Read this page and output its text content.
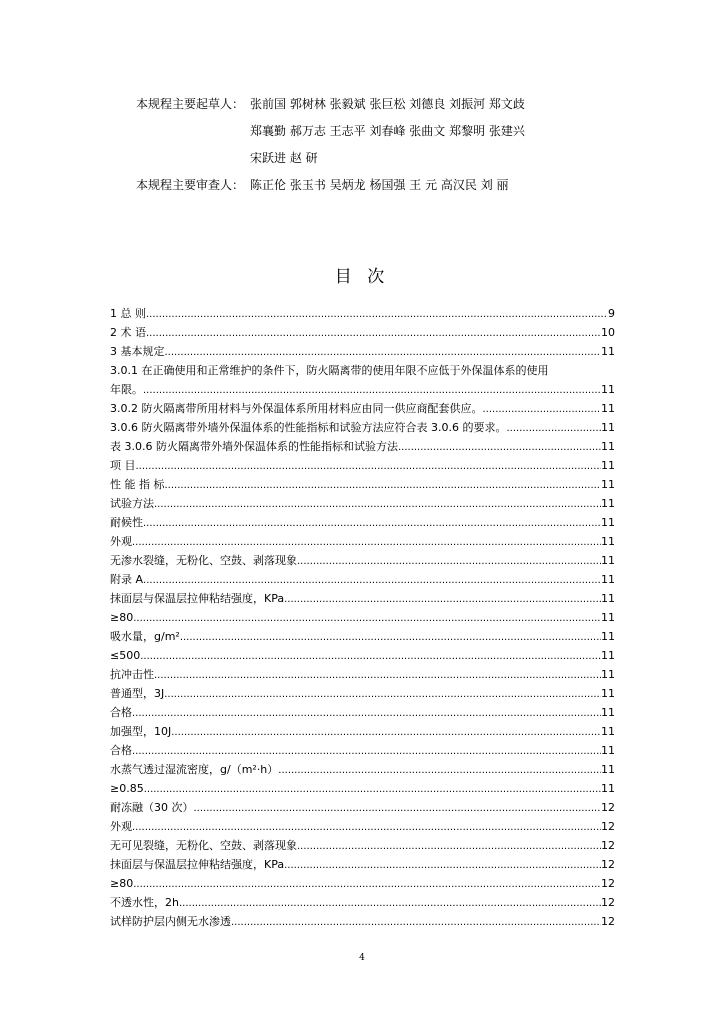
本规程主要起草人： 张前国 郭树林 张毅斌 张巨松 刘德良 刘振河 郑文歧
郑襄勤 郝万志 王志平 刘春峰 张曲文 郑黎明 张建兴
宋跃进 赵 研
本规程主要审查人： 陈正伦 张玉书 吴炳龙 杨国强 王 元 高汉民 刘 丽
目 次
1 总 则 .....	9
2 术 语 .....	10
3 基本规定 .....	11
3.0.1 在正确使用和正常维护的条件下，防火隔离带的使用年限不应低于外保温体系的使用
年限。 .....	11
3.0.2 防火隔离带所用材料与外保温体系所用材料应由同一供应商配套供应。 .....	11
3.0.6 防火隔离带外墙外保温体系的性能指标和试验方法应符合表 3.0.6 的要求。 .....	11
表 3.0.6 防火隔离带外墙外保温体系的性能指标和试验方法 .....	11
项 目 .....	11
性 能 指 标 .....	11
试验方法 .....	11
耐候性 .....	11
外观 .....	11
无渗水裂缝，无粉化、空鼓、剥落现象 .....	11
附录 A .....	11
抹面层与保温层拉伸粘结强度，KPa .....	11
≥80 .....	11
吸水量，g/m² .....	11
≤500 .....	11
抗冲击性 .....	11
普通型，3J .....	11
合格 .....	11
加强型，10J .....	11
合格 .....	11
水蒸气透过湿流密度，g/（m²·h） .....	11
≥0.85 .....	11
耐冻融（30 次） .....	12
外观 .....	12
无可见裂缝，无粉化、空鼓、剥落现象 .....	12
抹面层与保温层拉伸粘结强度，KPa .....	12
≥80 .....	12
不透水性，2h .....	12
试样防护层内侧无水渗透 .....	12
4
